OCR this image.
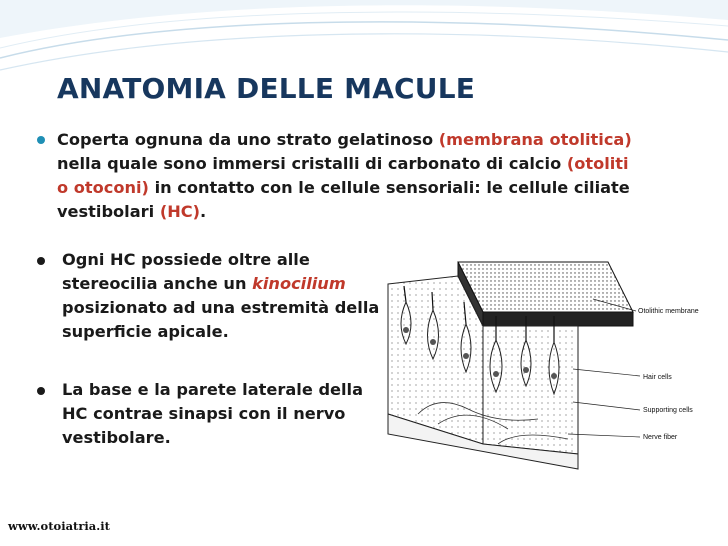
ANATOMIA DELLE MACULE
Coperta ognuna da uno strato gelatinoso (membrana otolitica) nella quale sono immersi cristalli di carbonato di calcio (otoliti o otoconi) in contatto con le cellule sensoriali: le cellule ciliate vestibolari (HC).
Ogni HC possiede oltre alle stereocilia anche un kinocilium posizionato ad una estremità della superficie apicale.
La base e la parete laterale della HC contrae sinapsi con il nervo vestibolare.
Otolithic membrane
Hair cells
Supporting cells
Nerve fiber
www.otoiatria.it
